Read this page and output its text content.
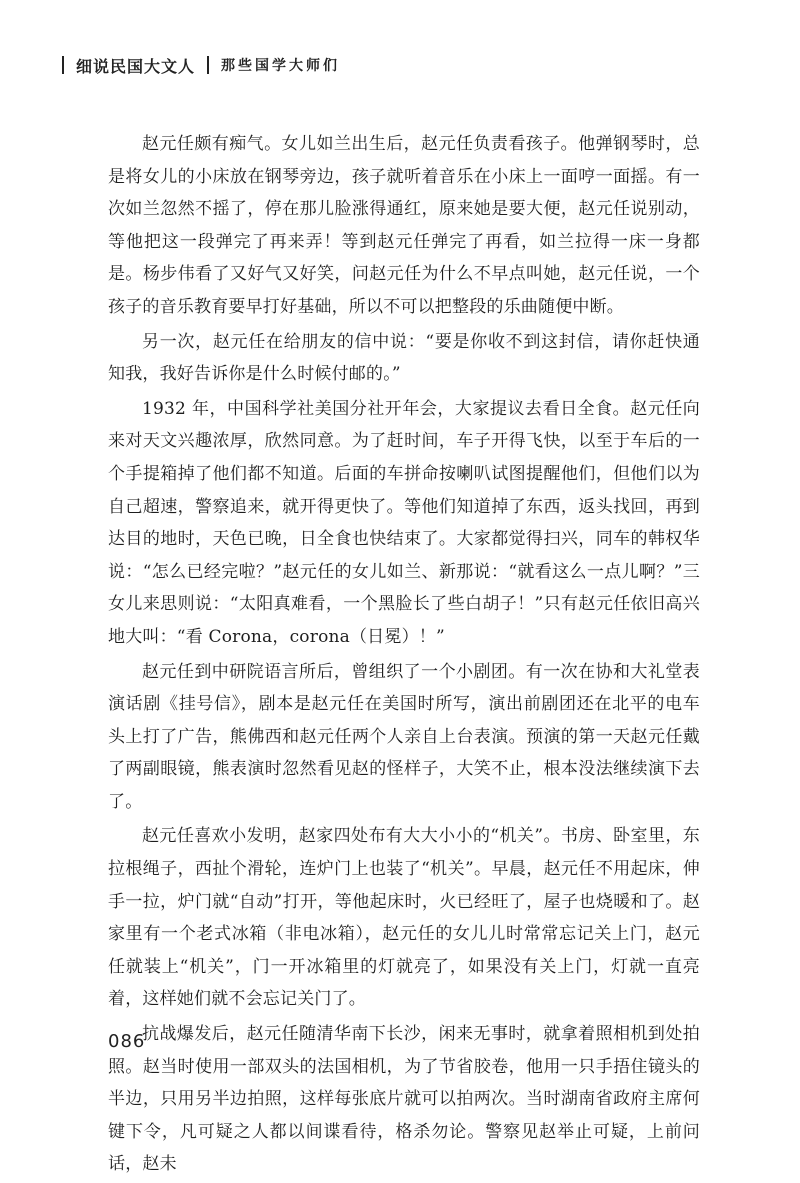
细说民国大文人 那些国学大师们

赵元任颇有痴气。女儿如兰出生后，赵元任负责看孩子。他弹钢琴时，总是将女儿的小床放在钢琴旁边，孩子就听着音乐在小床上一面哼一面摇。有一次如兰忽然不摇了，停在那儿脸涨得通红，原来她是要大便，赵元任说别动，等他把这一段弹完了再来弄！等到赵元任弹完了再看，如兰拉得一床一身都是。杨步伟看了又好气又好笑，问赵元任为什么不早点叫她，赵元任说，一个孩子的音乐教育要早打好基础，所以不可以把整段的乐曲随便中断。

另一次，赵元任在给朋友的信中说：“要是你收不到这封信，请你赶快通知我，我好告诉你是什么时候付邮的。”

1932 年，中国科学社美国分社开年会，大家提议去看日全食。赵元任向来对天文兴趣浓厚，欣然同意。为了赶时间，车子开得飞快，以至于车后的一个手提箱掉了他们都不知道。后面的车拼命按喇叭试图提醒他们，但他们以为自己超速，警察追来，就开得更快了。等他们知道掉了东西，返头找回，再到达目的地时，天色已晚，日全食也快结束了。大家都觉得扫兴，同车的韩权华说：“怎么已经完啦？”赵元任的女儿如兰、新那说：“就看这么一点儿啊？”三女儿来思则说：“太阳真难看，一个黑脸长了些白胡子！”只有赵元任依旧高兴地大叫：“看 Corona，corona（日冕）！”

赵元任到中研院语言所后，曾组织了一个小剧团。有一次在协和大礼堂表演话剧《挂号信》，剧本是赵元任在美国时所写，演出前剧团还在北平的电车头上打了广告，熊佛西和赵元任两个人亲自上台表演。预演的第一天赵元任戴了两副眼镜，熊表演时忽然看见赵的怪样子，大笑不止，根本没法继续演下去了。

赵元任喜欢小发明，赵家四处布有大大小小的“机关”。书房、卧室里，东拉根绳子，西扯个滑轮，连炉门上也装了“机关”。早晨，赵元任不用起床，伸手一拉，炉门就“自动”打开，等他起床时，火已经旺了，屋子也烧暖和了。赵家里有一个老式冰箱（非电冰箱），赵元任的女儿儿时常常忘记关上门，赵元任就装上“机关”，门一开冰箱里的灯就亮了，如果没有关上门，灯就一直亮着，这样她们就不会忘记关门了。

抗战爆发后，赵元任随清华南下长沙，闲来无事时，就拿着照相机到处拍照。赵当时使用一部双头的法国相机，为了节省胶卷，他用一只手捂住镜头的半边，只用另半边拍照，这样每张底片就可以拍两次。当时湖南省政府主席何键下令，凡可疑之人都以间谍看待，格杀勿论。警察见赵举止可疑，上前问话，赵未

086
